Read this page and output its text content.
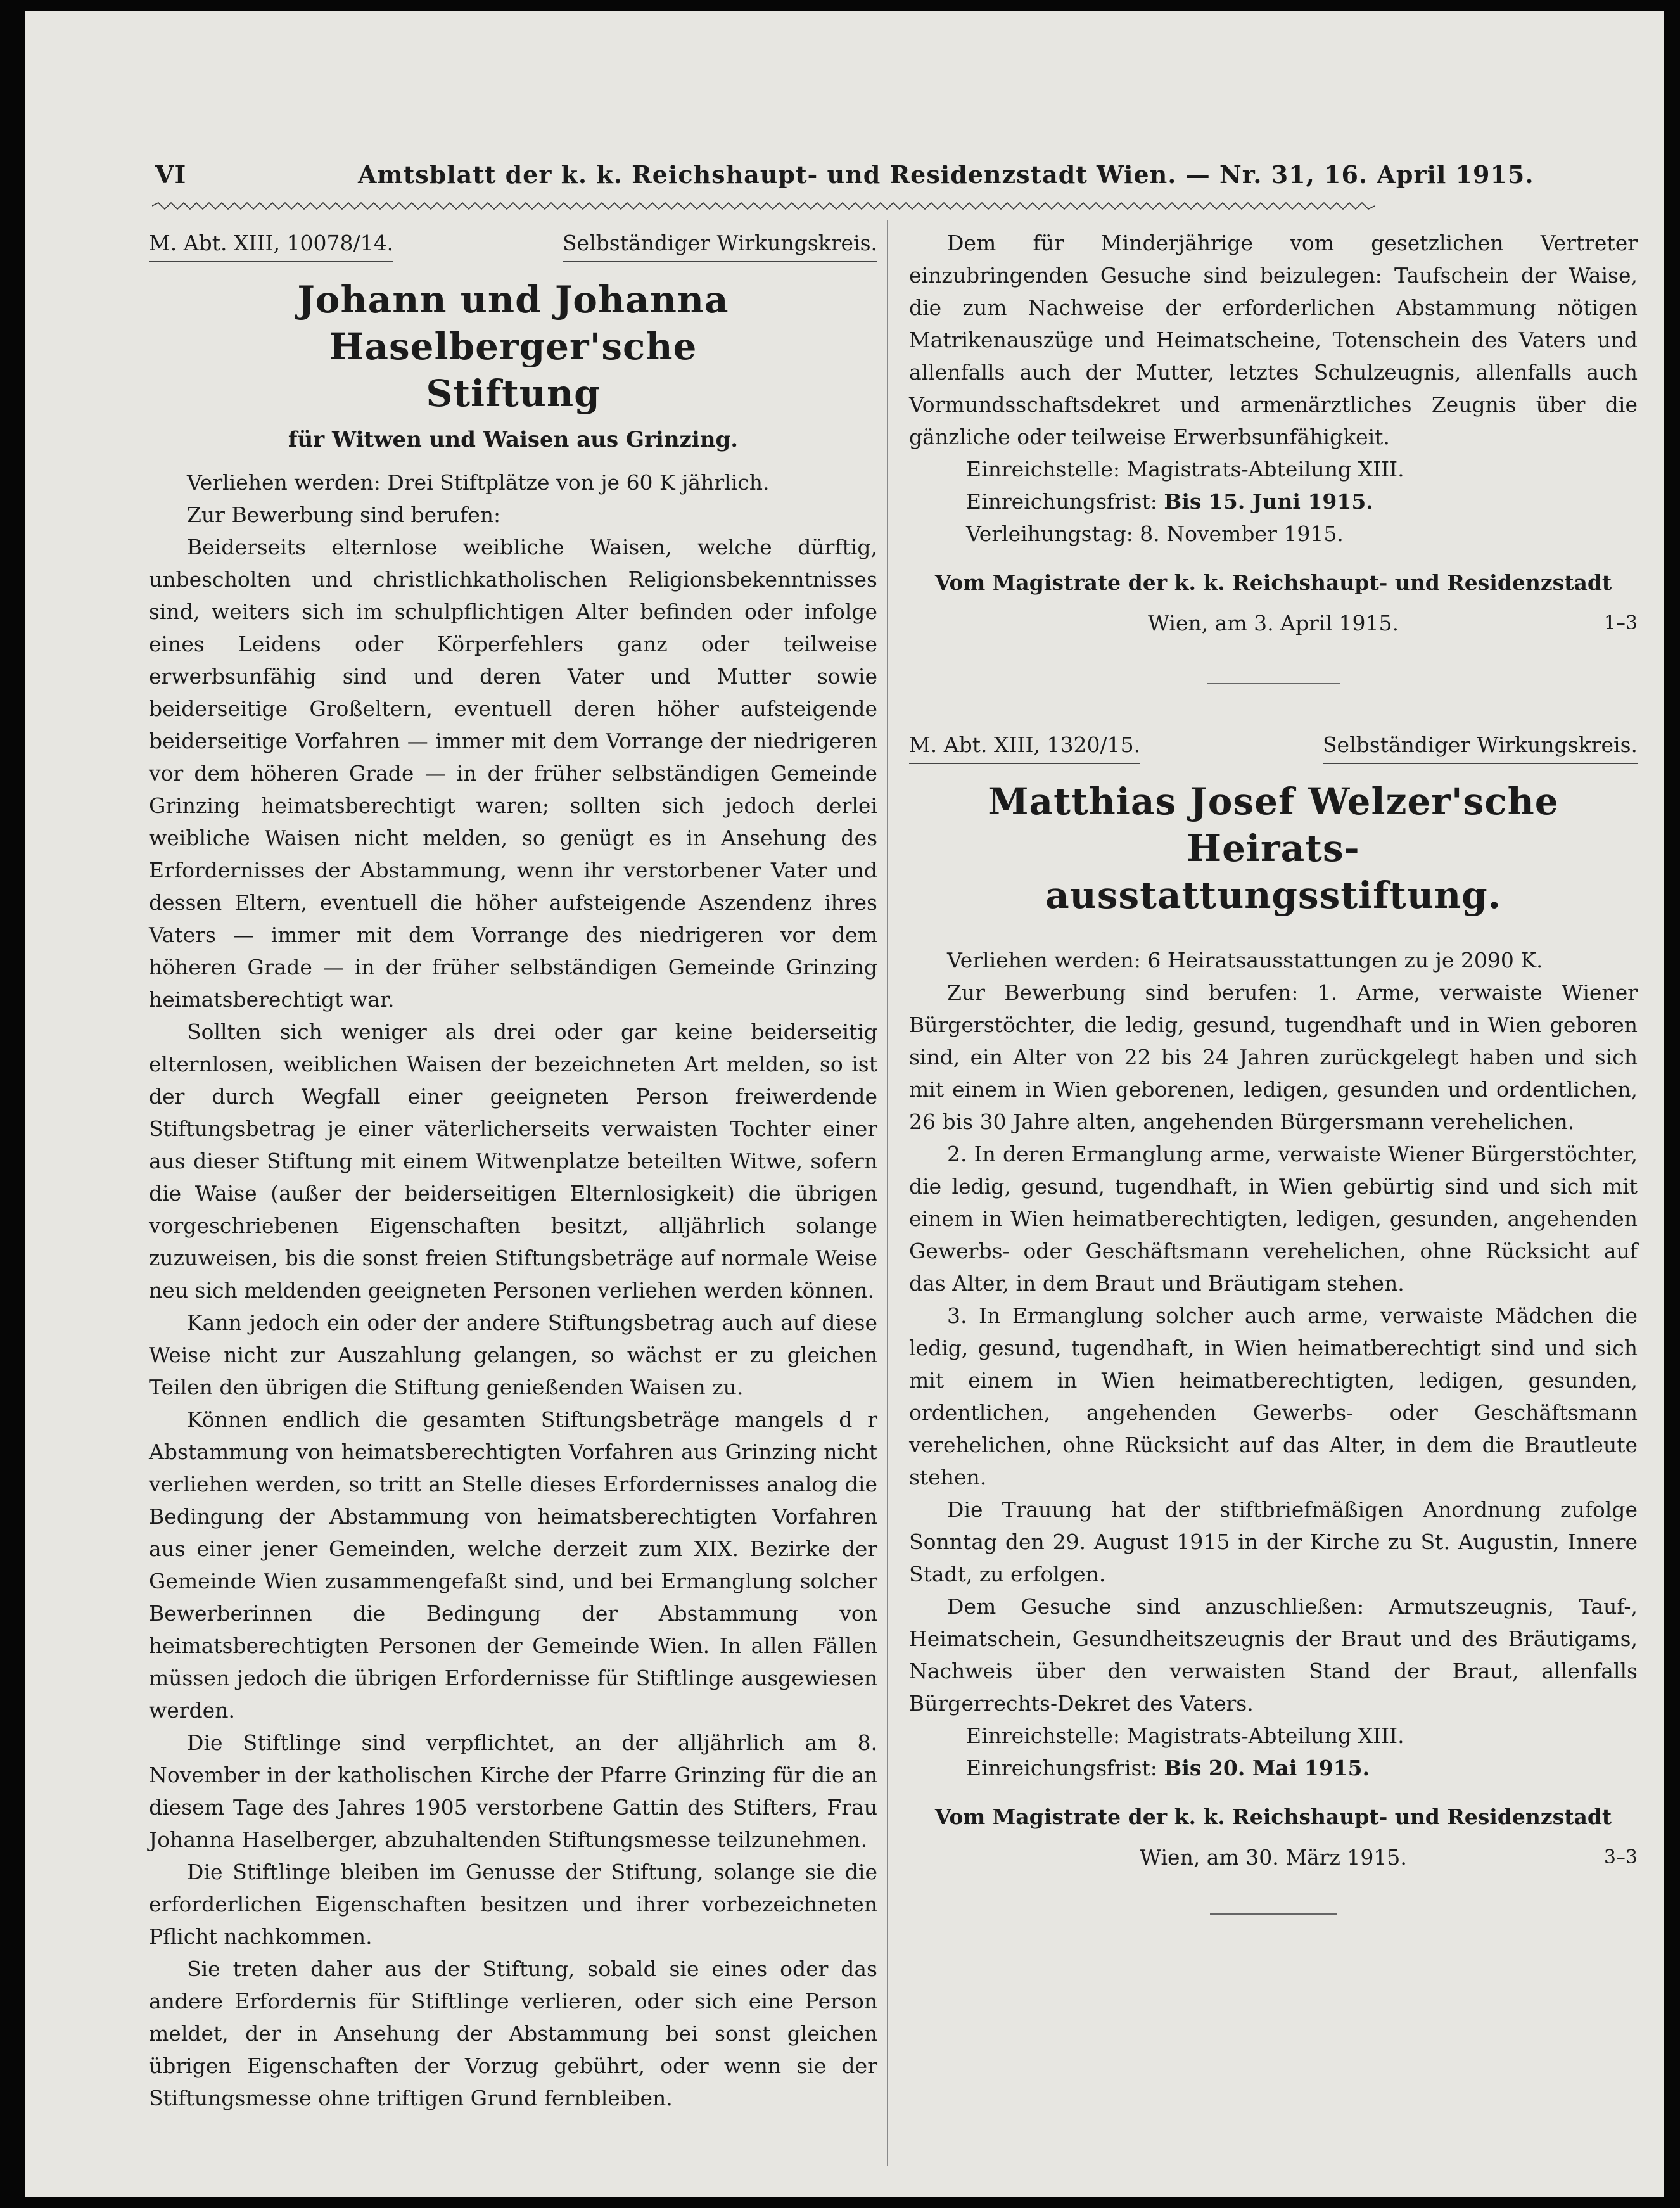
VI	Amtsblatt der k. k. Reichshaupt- und Residenzstadt Wien. — Nr. 31, 16. April 1915.
M. Abt. XIII, 10078/14.	Selbständiger Wirkungskreis.
Johann und Johanna Haselberger'sche
Stiftung
für Witwen und Waisen aus Grinzing.

Verliehen werden: Drei Stiftplätze von je 60 K jährlich.

Zur Bewerbung sind berufen:

Beiderseits elternlose weibliche Waisen, welche dürftig, unbescholten und christlichkatholischen Religionsbekenntnisses sind, weiters sich im schulpflichtigen Alter befinden oder infolge eines Leidens oder Körperfehlers ganz oder teilweise erwerbsunfähig sind und deren Vater und Mutter sowie beiderseitige Großeltern, eventuell deren höher aufsteigende beiderseitige Vorfahren — immer mit dem Vorrange der niedrigeren vor dem höheren Grade — in der früher selbständigen Gemeinde Grinzing heimatsberechtigt waren; sollten sich jedoch derlei weibliche Waisen nicht melden, so genügt es in Ansehung des Erfordernisses der Abstammung, wenn ihr verstorbener Vater und dessen Eltern, eventuell die höher aufsteigende Aszendenz ihres Vaters — immer mit dem Vorrange des niedrigeren vor dem höheren Grade — in der früher selbständigen Gemeinde Grinzing heimatsberechtigt war.

Sollten sich weniger als drei oder gar keine beiderseitig elternlosen, weiblichen Waisen der bezeichneten Art melden, so ist der durch Wegfall einer geeigneten Person freiwerdende Stiftungsbetrag je einer väterlicherseits verwaisten Tochter einer aus dieser Stiftung mit einem Witwenplatze beteilten Witwe, sofern die Waise (außer der beiderseitigen Elternlosigkeit) die übrigen vorgeschriebenen Eigenschaften besitzt, alljährlich solange zuzuweisen, bis die sonst freien Stiftungsbeträge auf normale Weise neu sich meldenden geeigneten Personen verliehen werden können.

Kann jedoch ein oder der andere Stiftungsbetrag auch auf diese Weise nicht zur Auszahlung gelangen, so wächst er zu gleichen Teilen den übrigen die Stiftung genießenden Waisen zu.

Können endlich die gesamten Stiftungsbeträge mangels d r Abstammung von heimatsberechtigten Vorfahren aus Grinzing nicht verliehen werden, so tritt an Stelle dieses Erfordernisses analog die Bedingung der Abstammung von heimatsberechtigten Vorfahren aus einer jener Gemeinden, welche derzeit zum XIX. Bezirke der Gemeinde Wien zusammengefaßt sind, und bei Ermanglung solcher Bewerberinnen die Bedingung der Abstammung von heimatsberechtigten Personen der Gemeinde Wien. In allen Fällen müssen jedoch die übrigen Erfordernisse für Stiftlinge ausgewiesen werden.

Die Stiftlinge sind verpflichtet, an der alljährlich am 8. November in der katholischen Kirche der Pfarre Grinzing für die an diesem Tage des Jahres 1905 verstorbene Gattin des Stifters, Frau Johanna Haselberger, abzuhaltenden Stiftungsmesse teilzunehmen.

Die Stiftlinge bleiben im Genusse der Stiftung, solange sie die erforderlichen Eigenschaften besitzen und ihrer vorbezeichneten Pflicht nachkommen.

Sie treten daher aus der Stiftung, sobald sie eines oder das andere Erfordernis für Stiftlinge verlieren, oder sich eine Person meldet, der in Ansehung der Abstammung bei sonst gleichen übrigen Eigenschaften der Vorzug gebührt, oder wenn sie der Stiftungsmesse ohne triftigen Grund fernbleiben.

Dem für Minderjährige vom gesetzlichen Vertreter einzubringenden Gesuche sind beizulegen: Taufschein der Waise, die zum Nachweise der erforderlichen Abstammung nötigen Matrikenauszüge und Heimatscheine, Totenschein des Vaters und allenfalls auch der Mutter, letztes Schulzeugnis, allenfalls auch Vormundsschaftsdekret und armenärztliches Zeugnis über die gänzliche oder teilweise Erwerbsunfähigkeit.

Einreichstelle: Magistrats-Abteilung XIII.

Einreichungsfrist: Bis 15. Juni 1915.

Verleihungstag: 8. November 1915.

Vom Magistrate der k. k. Reichshaupt- und Residenzstadt
Wien, am 3. April 1915.	1–3
M. Abt. XIII, 1320/15.	Selbständiger Wirkungskreis.
Matthias Josef Welzer'sche Heirats-
ausstattungsstiftung.

Verliehen werden: 6 Heiratsausstattungen zu je 2090 K.

Zur Bewerbung sind berufen: 1. Arme, verwaiste Wiener Bürgerstöchter, die ledig, gesund, tugendhaft und in Wien geboren sind, ein Alter von 22 bis 24 Jahren zurückgelegt haben und sich mit einem in Wien geborenen, ledigen, gesunden und ordentlichen, 26 bis 30 Jahre alten, angehenden Bürgersmann verehelichen.

2. In deren Ermanglung arme, verwaiste Wiener Bürgerstöchter, die ledig, gesund, tugendhaft, in Wien gebürtig sind und sich mit einem in Wien heimatberechtigten, ledigen, gesunden, angehenden Gewerbs- oder Geschäftsmann verehelichen, ohne Rücksicht auf das Alter, in dem Braut und Bräutigam stehen.

3. In Ermanglung solcher auch arme, verwaiste Mädchen die ledig, gesund, tugendhaft, in Wien heimatberechtigt sind und sich mit einem in Wien heimatberechtigten, ledigen, gesunden, ordentlichen, angehenden Gewerbs- oder Geschäftsmann verehelichen, ohne Rücksicht auf das Alter, in dem die Brautleute stehen.

Die Trauung hat der stiftbriefmäßigen Anordnung zufolge Sonntag den 29. August 1915 in der Kirche zu St. Augustin, Innere Stadt, zu erfolgen.

Dem Gesuche sind anzuschließen: Armutszeugnis, Tauf-, Heimatschein, Gesundheitszeugnis der Braut und des Bräutigams, Nachweis über den verwaisten Stand der Braut, allenfalls Bürgerrechts-Dekret des Vaters.

Einreichstelle: Magistrats-Abteilung XIII.

Einreichungsfrist: Bis 20. Mai 1915.

Vom Magistrate der k. k. Reichshaupt- und Residenzstadt
Wien, am 30. März 1915.	3–3
